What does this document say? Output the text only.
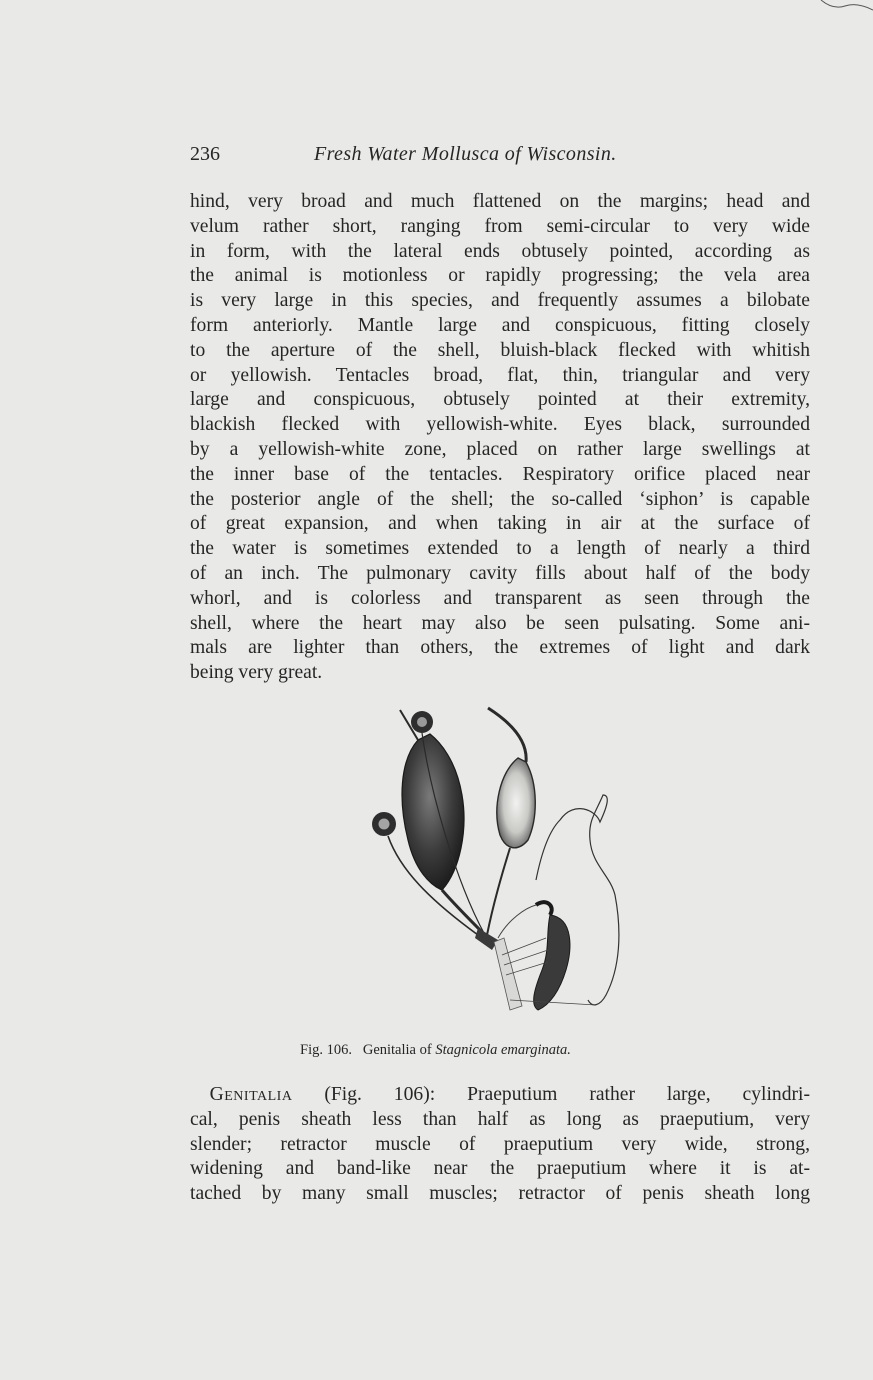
236	Fresh Water Mollusca of Wisconsin.
hind, very broad and much flattened on the margins; head and
velum rather short, ranging from semi-circular to very wide
in form, with the lateral ends obtusely pointed, according as
the animal is motionless or rapidly progressing; the vela area
is very large in this species, and frequently assumes a bilobate
form anteriorly. Mantle large and conspicuous, fitting closely
to the aperture of the shell, bluish-black flecked with whitish
or yellowish. Tentacles broad, flat, thin, triangular and very
large and conspicuous, obtusely pointed at their extremity,
blackish flecked with yellowish-white. Eyes black, surrounded
by a yellowish-white zone, placed on rather large swellings at
the inner base of the tentacles. Respiratory orifice placed near
the posterior angle of the shell; the so-called ‘siphon’ is capable
of great expansion, and when taking in air at the surface of
the water is sometimes extended to a length of nearly a third
of an inch. The pulmonary cavity fills about half of the body
whorl, and is colorless and transparent as seen through the
shell, where the heart may also be seen pulsating. Some ani-
mals are lighter than others, the extremes of light and dark
being very great.
Fig. 106. Genitalia of Stagnicola emarginata.
 Genitalia (Fig. 106): Praeputium rather large, cylindri-
cal, penis sheath less than half as long as praeputium, very
slender; retractor muscle of praeputium very wide, strong,
widening and band-like near the praeputium where it is at-
tached by many small muscles; retractor of penis sheath long
